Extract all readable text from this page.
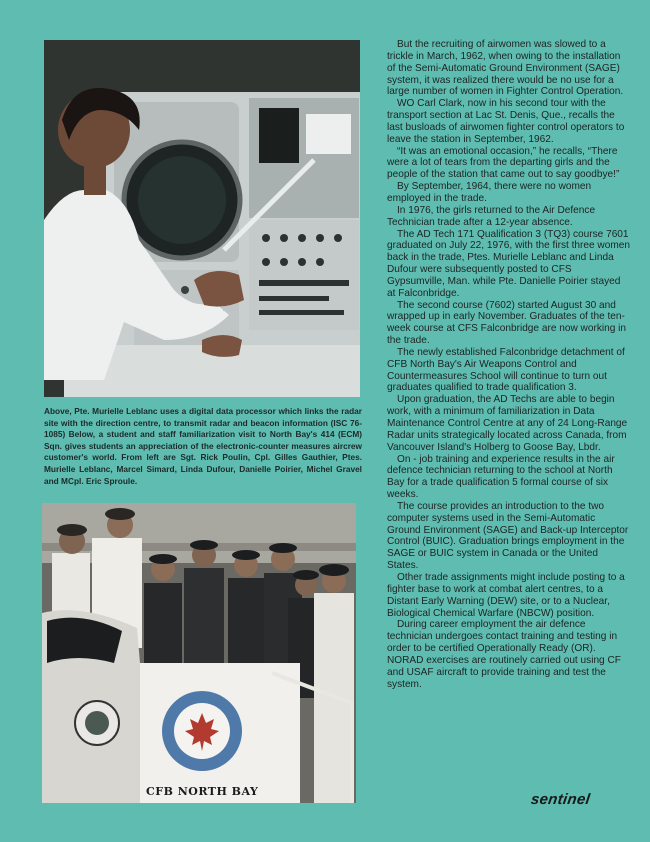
Above, Pte. Murielle Leblanc uses a digital data processor which links the radar site with the direction centre, to transmit radar and beacon information (ISC 76-1085) Below, a student and staff familiarization visit to North Bay's 414 (ECM) Sqn. gives students an appreciation of the electronic-counter measures aircrew customer's world. From left are Sgt. Rick Poulin, Cpl. Gilles Gauthier, Ptes. Murielle Leblanc, Marcel Simard, Linda Dufour, Danielle Poirier, Michel Gravel and MCpl. Eric Sproule.
CFB NORTH BAY

But the recruiting of airwomen was slowed to a trickle in March, 1962, when owing to the installation of the Semi-Automatic Ground Environment (SAGE) system, it was realized there would be no use for a large number of women in Fighter Control Operation.

WO Carl Clark, now in his second tour with the transport section at Lac St. Denis, Que., recalls the last busloads of airwomen fighter control operators to leave the station in September, 1962.

“It was an emotional occasion,” he recalls, “There were a lot of tears from the departing girls and the people of the station that came out to say goodbye!”

By September, 1964, there were no women employed in the trade.

In 1976, the girls returned to the Air Defence Technician trade after a 12-year absence.

The AD Tech 171 Qualification 3 (TQ3) course 7601 graduated on July 22, 1976, with the first three women back in the trade, Ptes. Murielle Leblanc and Linda Dufour were subsequently posted to CFS Gypsumville, Man. while Pte. Danielle Poirier stayed at Falconbridge.

The second course (7602) started August 30 and wrapped up in early November. Graduates of the ten-week course at CFS Falconbridge are now working in the trade.

The newly established Falconbridge detachment of CFB North Bay's Air Weapons Control and Countermeasures School will continue to turn out graduates qualified to trade qualification 3.

Upon graduation, the AD Techs are able to begin work, with a minimum of familiarization in Data Maintenance Control Centre at any of 24 Long-Range Radar units strategically located across Canada, from Vancouver Island's Holberg to Goose Bay, Lbdr.

On - job training and experience results in the air defence technician returning to the school at North Bay for a trade qualification 5 formal course of six weeks.

The course provides an introduction to the two computer systems used in the Semi-Automatic Ground Environment (SAGE) and Back-up Interceptor Control (BUIC). Graduation brings employment in the SAGE or BUIC system in Canada or the United States.

Other trade assignments might include posting to a fighter base to work at combat alert centres, to a Distant Early Warning (DEW) site, or to a Nuclear, Biological Chemical Warfare (NBCW) position.

During career employment the air defence technician undergoes contact training and testing in order to be certified Operationally Ready (OR). NORAD exercises are routinely carried out using CF and USAF aircraft to provide training and test the system.

sentinel
